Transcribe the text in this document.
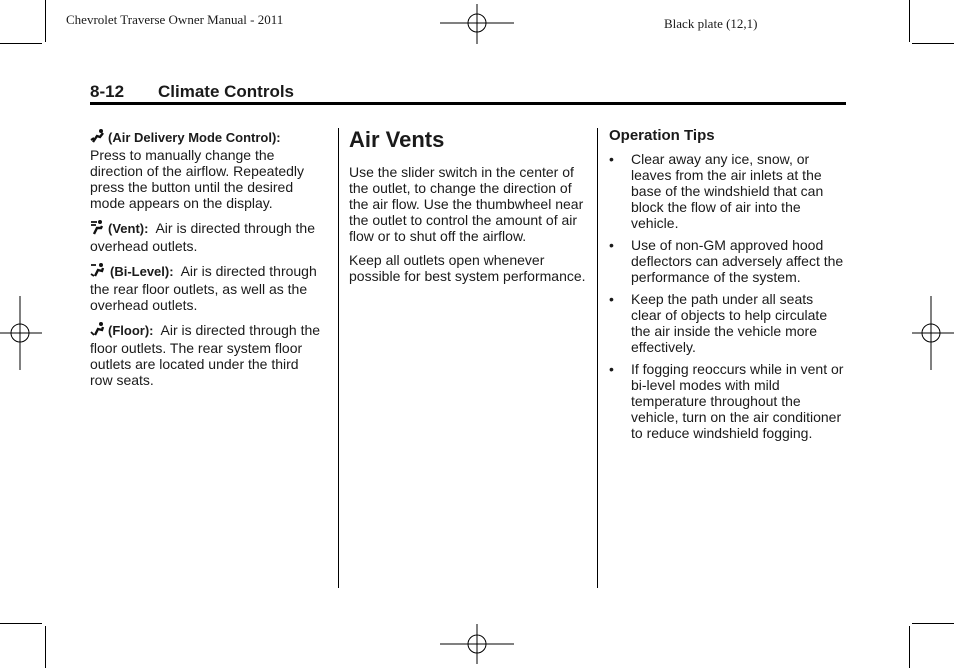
Chevrolet Traverse Owner Manual - 2011	Black plate (12,1)
8-12 Climate Controls

(Air Delivery Mode Control):
Press to manually change the direction of the airflow. Repeatedly press the button until the desired mode appears on the display.

(Vent): Air is directed through the overhead outlets.

(Bi-Level): Air is directed through the rear floor outlets, as well as the overhead outlets.

(Floor): Air is directed through the floor outlets. The rear system floor outlets are located under the third row seats.

Air Vents

Use the slider switch in the center of the outlet, to change the direction of the air flow. Use the thumbwheel near the outlet to control the amount of air flow or to shut off the airflow.

Keep all outlets open whenever possible for best system performance.

Operation Tips
• Clear away any ice, snow, or leaves from the air inlets at the base of the windshield that can block the flow of air into the vehicle.
• Use of non-GM approved hood deflectors can adversely affect the performance of the system.
• Keep the path under all seats clear of objects to help circulate the air inside the vehicle more effectively.
• If fogging reoccurs while in vent or bi-level modes with mild temperature throughout the vehicle, turn on the air conditioner to reduce windshield fogging.
